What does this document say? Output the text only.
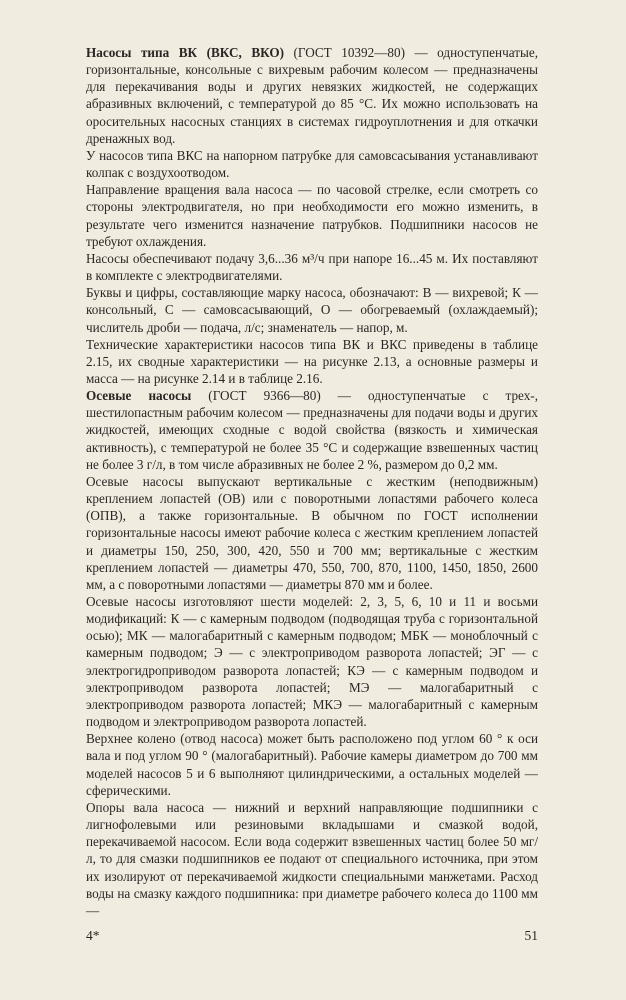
Насосы типа ВК (ВКС, ВКО) (ГОСТ 10392—80) — одноступенчатые, горизонтальные, консольные с вихревым рабочим колесом — предназначены для перекачивания воды и других невязких жидкостей, не содержащих абразивных включений, с температурой до 85 °С. Их можно использовать на оросительных насосных станциях в системах гидроуплотнения и для откачки дренажных вод.

У насосов типа ВКС на напорном патрубке для самовсасывания устанавливают колпак с воздухоотводом.

Направление вращения вала насоса — по часовой стрелке, если смотреть со стороны электродвигателя, но при необходимости его можно изменить, в результате чего изменится назначение патрубков. Подшипники насосов не требуют охлаждения.

Насосы обеспечивают подачу 3,6...36 м³/ч при напоре 16...45 м. Их поставляют в комплекте с электродвигателями.

Буквы и цифры, составляющие марку насоса, обозначают: В — вихревой; К — консольный, С — самовсасывающий, О — обогреваемый (охлаждаемый); числитель дроби — подача, л/с; знаменатель — напор, м.

Технические характеристики насосов типа ВК и ВКС приведены в таблице 2.15, их сводные характеристики — на рисунке 2.13, а основные размеры и масса — на рисунке 2.14 и в таблице 2.16.

Осевые насосы (ГОСТ 9366—80) — одноступенчатые с трех-, шестилопастным рабочим колесом — предназначены для подачи воды и других жидкостей, имеющих сходные с водой свойства (вязкость и химическая активность), с температурой не более 35 °С и содержащие взвешенных частиц не более 3 г/л, в том числе абразивных не более 2 %, размером до 0,2 мм.

Осевые насосы выпускают вертикальные с жестким (неподвижным) креплением лопастей (ОВ) или с поворотными лопастями рабочего колеса (ОПВ), а также горизонтальные. В обычном по ГОСТ исполнении горизонтальные насосы имеют рабочие колеса с жестким креплением лопастей и диаметры 150, 250, 300, 420, 550 и 700 мм; вертикальные с жестким креплением лопастей — диаметры 470, 550, 700, 870, 1100, 1450, 1850, 2600 мм, а с поворотными лопастями — диаметры 870 мм и более.

Осевые насосы изготовляют шести моделей: 2, 3, 5, 6, 10 и 11 и восьми модификаций: К — с камерным подводом (подводящая труба с горизонтальной осью); МК — малогабаритный с камерным подводом; МБК — моноблочный с камерным подводом; Э — с электроприводом разворота лопастей; ЭГ — с электрогидроприводом разворота лопастей; КЭ — с камерным подводом и электроприводом разворота лопастей; МЭ — малогабаритный с электроприводом разворота лопастей; МКЭ — малогабаритный с камерным подводом и электроприводом разворота лопастей.

Верхнее колено (отвод насоса) может быть расположено под углом 60 ° к оси вала и под углом 90 ° (малогабаритный). Рабочие камеры диаметром до 700 мм моделей насосов 5 и 6 выполняют цилиндрическими, а остальных моделей — сферическими.

Опоры вала насоса — нижний и верхний направляющие подшипники с лигнофолевыми или резиновыми вкладышами и смазкой водой, перекачиваемой насосом. Если вода содержит взвешенных частиц более 50 мг/л, то для смазки подшипников ее подают от специального источника, при этом их изолируют от перекачиваемой жидкости специальными манжетами. Расход воды на смазку каждого подшипника: при диаметре рабочего колеса до 1100 мм —

4*	51
